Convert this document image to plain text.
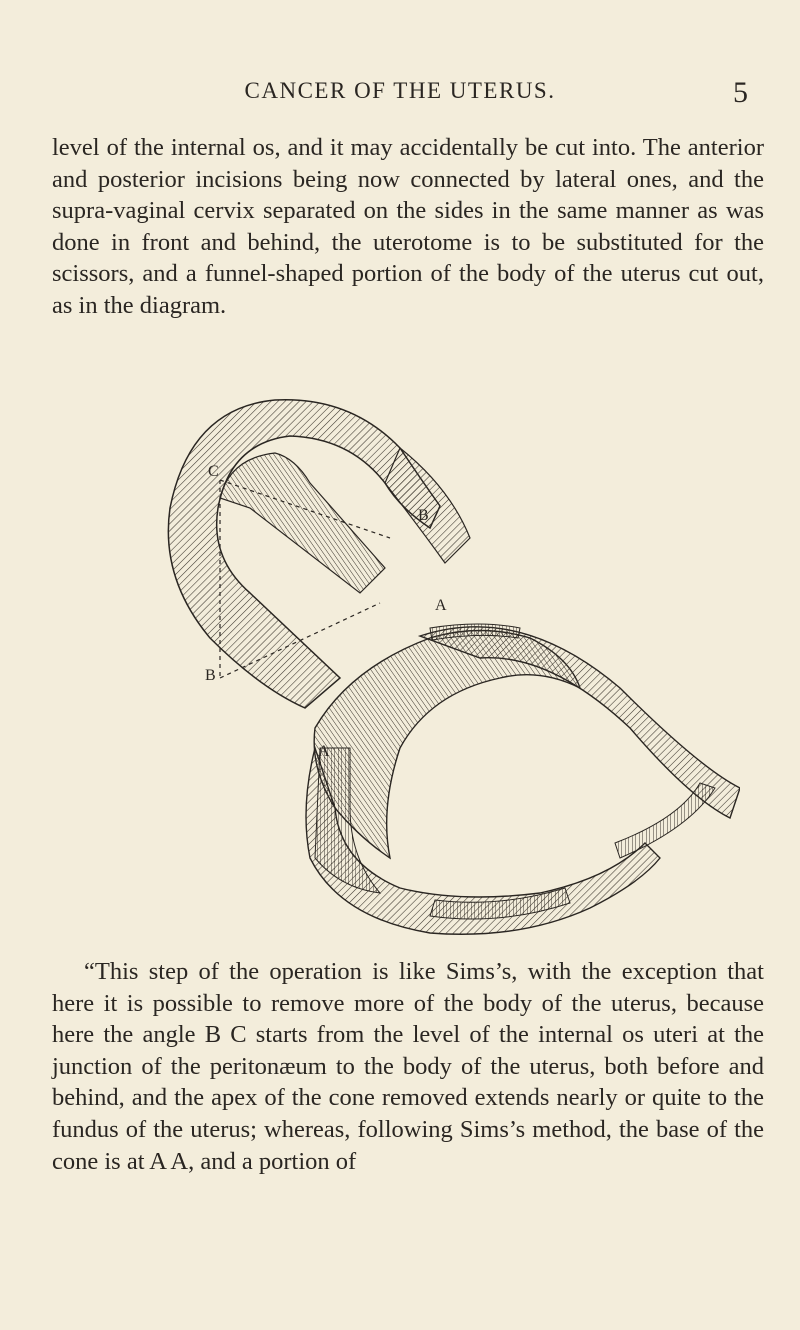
CANCER OF THE UTERUS.	5

level of the internal os, and it may accidentally be cut into. The anterior and posterior incisions being now connected by lateral ones, and the supra-vaginal cervix separated on the sides in the same manner as was done in front and behind, the uterotome is to be substituted for the scissors, and a funnel-shaped portion of the body of the uterus cut out, as in the diagram.

C
B
A
A
B

“This step of the operation is like Sims’s, with the exception that here it is possible to remove more of the body of the uterus, because here the angle B C starts from the level of the internal os uteri at the junction of the peritonæum to the body of the uterus, both before and behind, and the apex of the cone removed extends nearly or quite to the fundus of the uterus; whereas, following Sims’s method, the base of the cone is at A A, and a portion of
